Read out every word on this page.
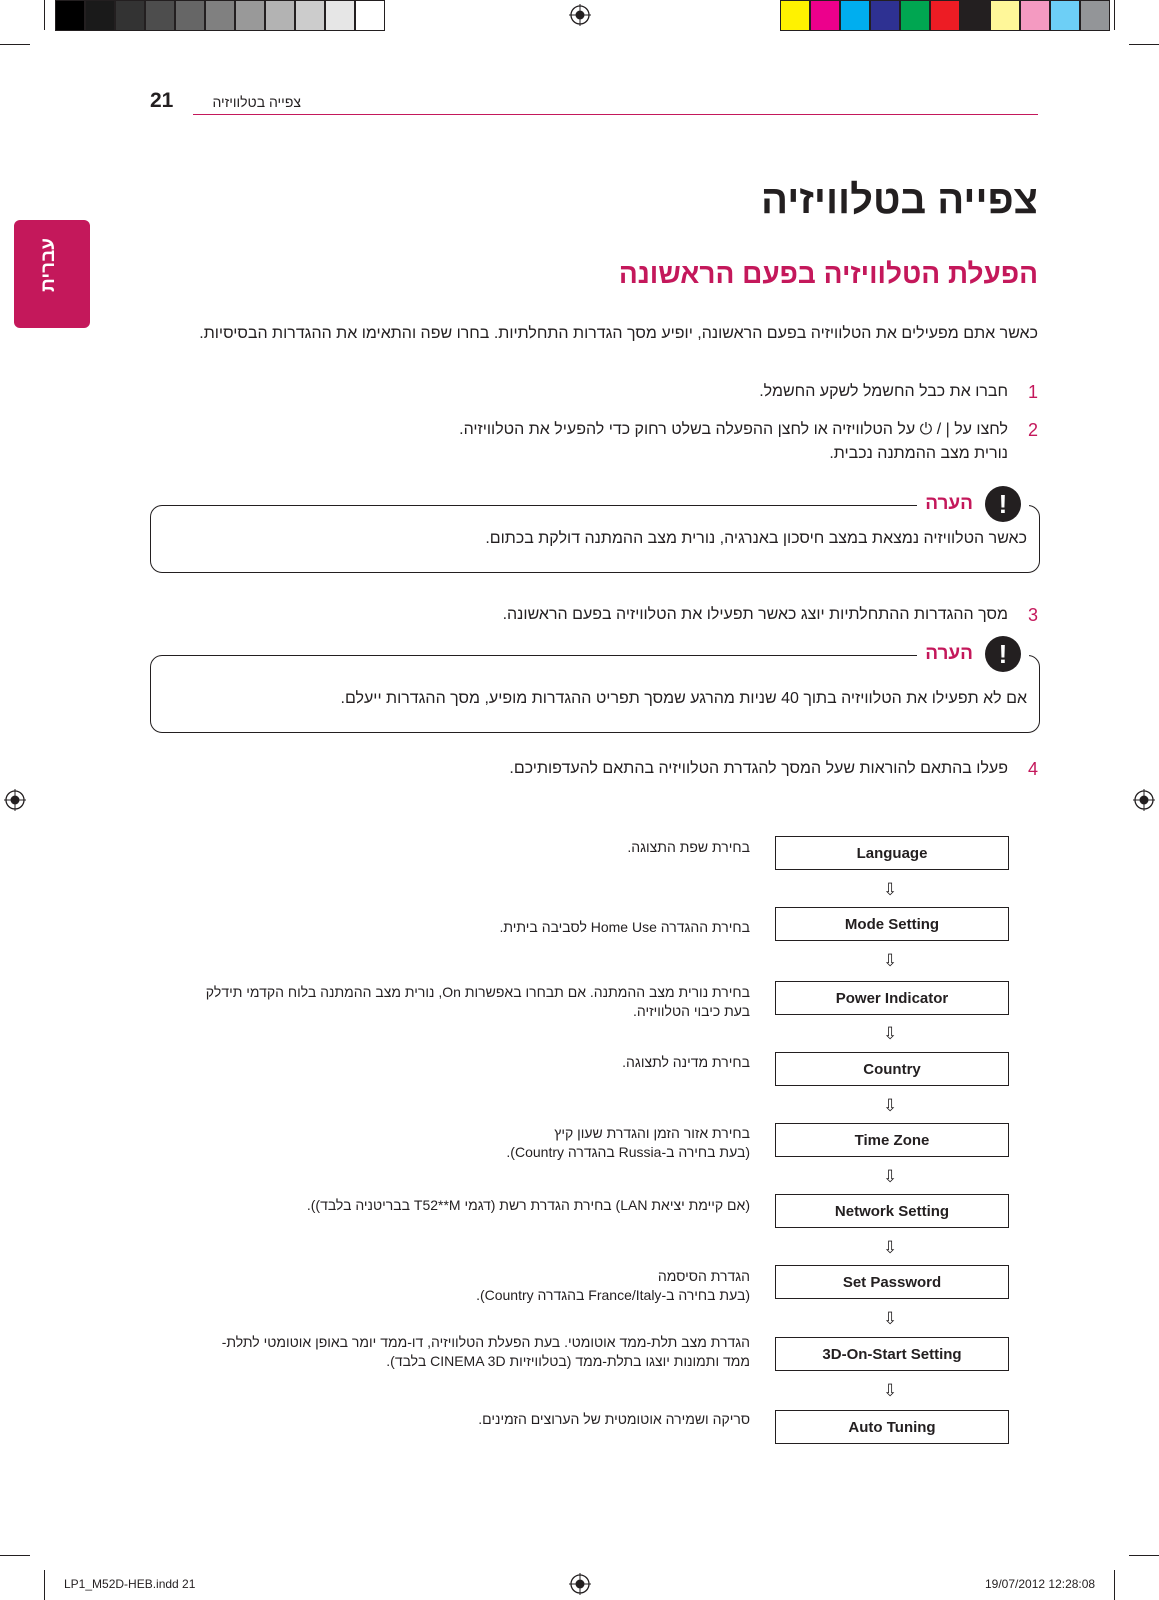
21	צפייה בטלוויזיה
עברית
צפייה בטלוויזיה
הפעלת הטלוויזיה בפעם הראשונה
כאשר אתם מפעילים את הטלוויזיה בפעם הראשונה, יופיע מסך הגדרות התחלתיות. בחרו שפה והתאימו את ההגדרות הבסיסיות.
1
חברו את כבל החשמל לשקע החשמל.
2
לחצו על | / ⏻ על הטלוויזיה או לחצן ההפעלה בשלט רחוק כדי להפעיל את הטלוויזיה.
נורית מצב ההמתנה נכבית.
!
הערה
כאשר הטלוויזיה נמצאת במצב חיסכון באנרגיה, נורית מצב ההמתנה דולקת בכתום.
3
מסך ההגדרות ההתחלתיות יוצג כאשר תפעילו את הטלוויזיה בפעם הראשונה.
!
הערה
אם לא תפעילו את הטלוויזיה בתוך 40 שניות מהרגע שמסך תפריט ההגדרות מופיע, מסך ההגדרות ייעלם.
4
פעלו בהתאם להוראות שעל המסך להגדרת הטלוויזיה בהתאם להעדפותיכם.
Language
בחירת שפת התצוגה.
⇩
Mode Setting
בחירת ההגדרה Home Use לסביבה ביתית.
⇩
Power Indicator
בחירת נורית מצב ההמתנה. אם תבחרו באפשרות On, נורית מצב ההמתנה בלוח הקדמי תידלק
בעת כיבוי הטלוויזיה.
⇩
Country
בחירת מדינה לתצוגה.
⇩
Time Zone
בחירת אזור הזמן והגדרת שעון קיץ
(בעת בחירה ב-Russia בהגדרה Country).
⇩
Network Setting
(אם קיימת יציאת LAN) בחירת הגדרת רשת (דגמי T52**M בבריטניה בלבד)).
⇩
Set Password
הגדרת הסיסמה
(בעת בחירה ב-France/Italy בהגדרה Country).
⇩
3D-On-Start Setting
הגדרת מצב תלת-ממד אוטומטי. בעת הפעלת הטלוויזיה, דו-ממד יומר באופן אוטומטי לתלת-
ממד ותמונות יוצגו בתלת-ממד (בטלוויזיות CINEMA 3D בלבד).
⇩
Auto Tuning
סריקה ושמירה אוטומטית של הערוצים הזמינים.
LP1_M52D-HEB.indd 21	19/07/2012 12:28:08
